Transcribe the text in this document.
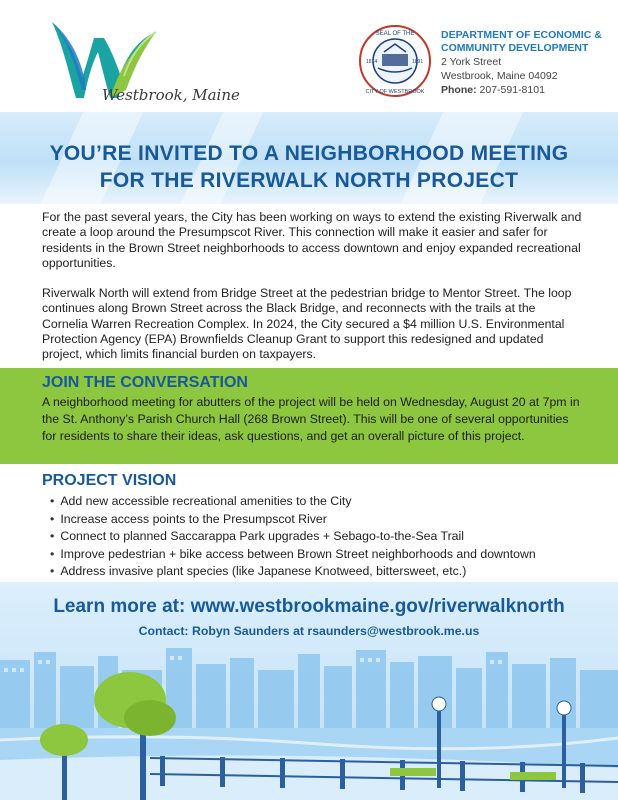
Westbrook, Maine
SEAL OF THE
CITY OF WESTBROOK
1814	1891
DEPARTMENT OF ECONOMIC &
COMMUNITY DEVELOPMENT
2 York Street
Westbrook, Maine 04092
Phone: 207-591-8101
YOU’RE INVITED TO A NEIGHBORHOOD MEETING
FOR THE RIVERWALK NORTH PROJECT

For the past several years, the City has been working on ways to extend the existing Riverwalk and create a loop around the Presumpscot River. This connection will make it easier and safer for residents in the Brown Street neighborhoods to access downtown and enjoy expanded recreational opportunities.

Riverwalk North will extend from Bridge Street at the pedestrian bridge to Mentor Street. The loop continues along Brown Street across the Black Bridge, and reconnects with the trails at the Cornelia Warren Recreation Complex. In 2024, the City secured a $4 million U.S. Environmental Protection Agency (EPA) Brownfields Cleanup Grant to support this redesigned and updated project, which limits financial burden on taxpayers.

JOIN THE CONVERSATION
A neighborhood meeting for abutters of the project will be held on Wednesday, August 20 at 7pm in the St. Anthony’s Parish Church Hall (268 Brown Street). This will be one of several opportunities for residents to share their ideas, ask questions, and get an overall picture of this project.
PROJECT VISION
• Add new accessible recreational amenities to the City
• Increase access points to the Presumpscot River
• Connect to planned Saccarappa Park upgrades + Sebago-to-the-Sea Trail
• Improve pedestrian + bike access between Brown Street neighborhoods and downtown
• Address invasive plant species (like Japanese Knotweed, bittersweet, etc.)
Learn more at: www.westbrookmaine.gov/riverwalknorth
Contact: Robyn Saunders at rsaunders@westbrook.me.us
